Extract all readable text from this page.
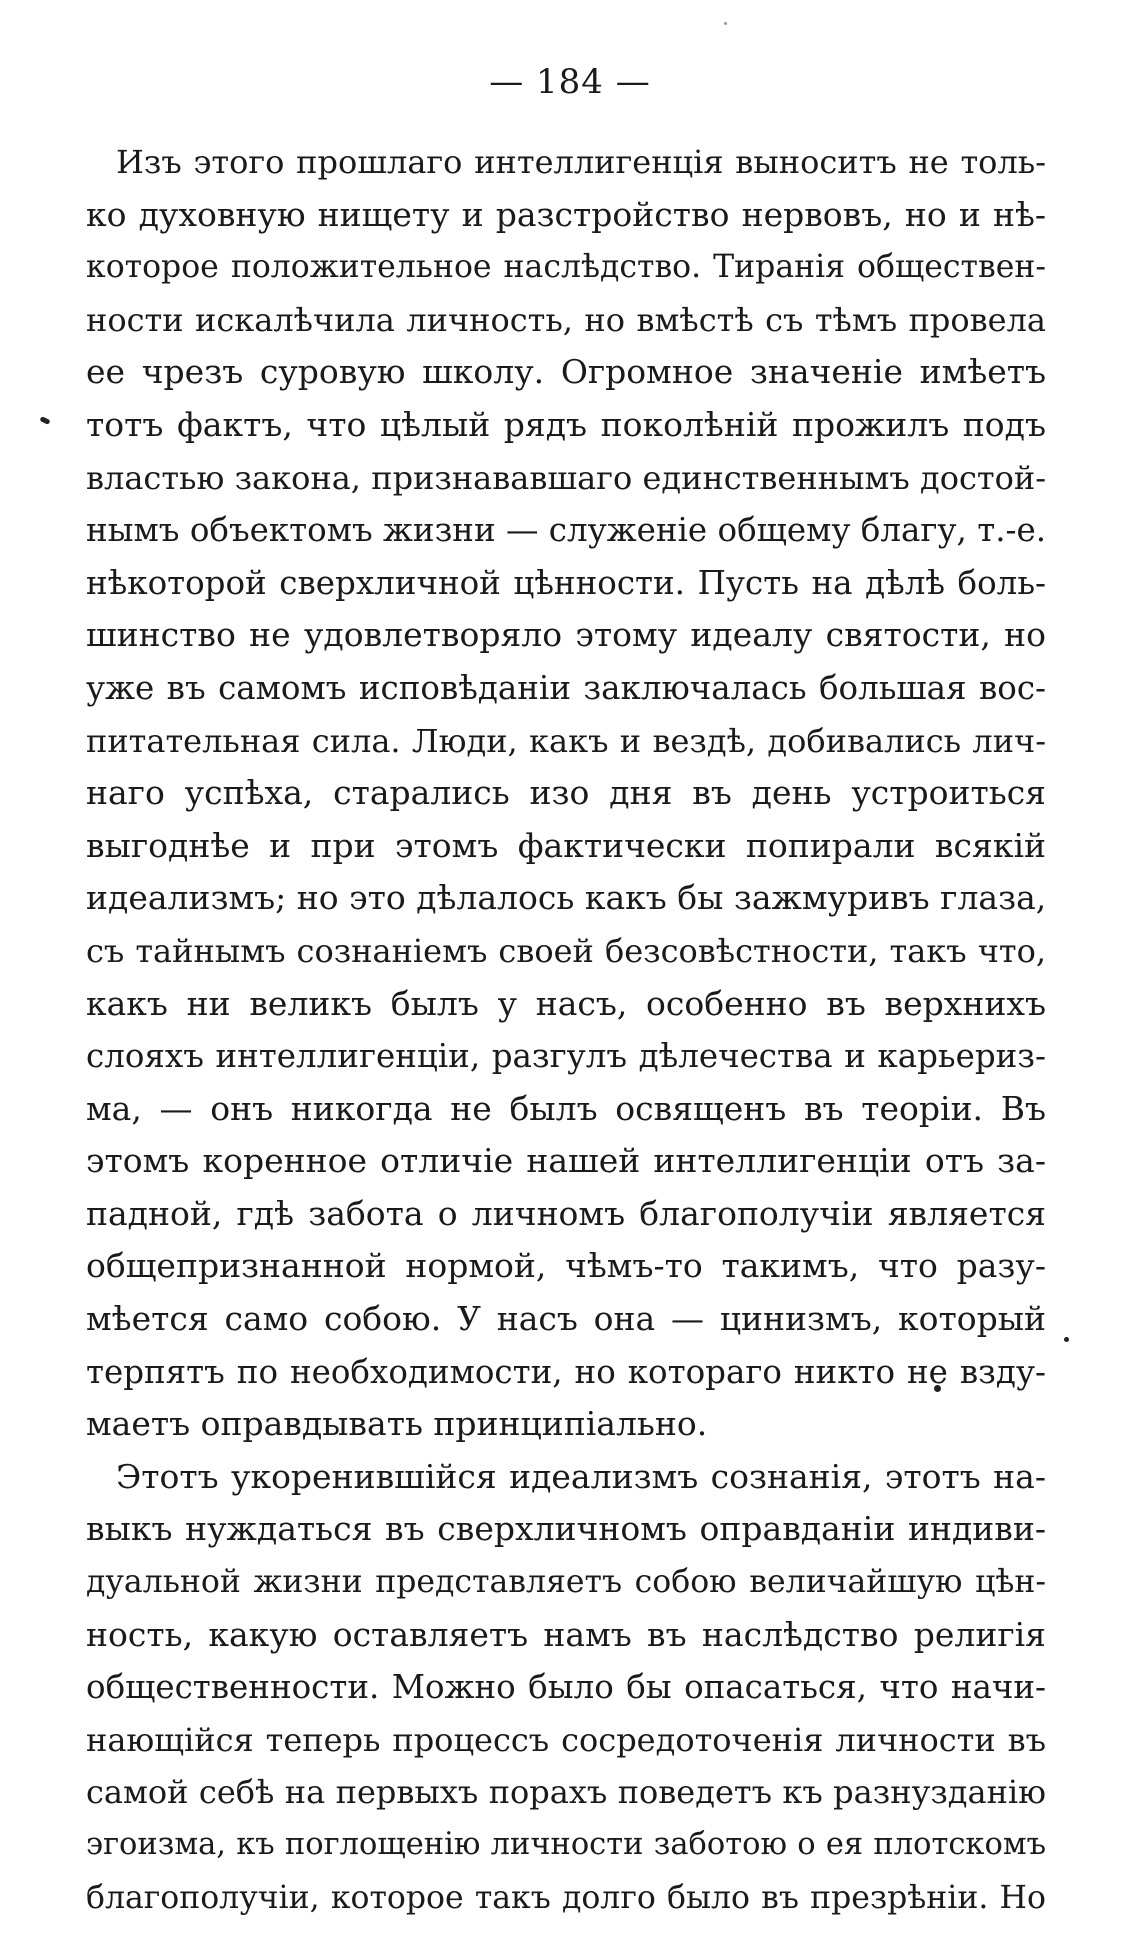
— 184 —
Изъ этого прошлаго интеллигенція выноситъ не толь-
ко духовную нищету и разстройство нервовъ, но и нѣ-
которое положительное наслѣдство. Тиранія обществен-
ности искалѣчила личность, но вмѣстѣ съ тѣмъ провела
ее чрезъ суровую школу. Огромное значеніе имѣетъ
тотъ фактъ, что цѣлый рядъ поколѣній прожилъ подъ
властью закона, признававшаго единственнымъ достой-
нымъ объектомъ жизни — служеніе общему благу, т.-е.
нѣкоторой сверхличной цѣнности. Пусть на дѣлѣ боль-
шинство не удовлетворяло этому идеалу святости, но
уже въ самомъ исповѣданіи заключалась большая вос-
питательная сила. Люди, какъ и вездѣ, добивались лич-
наго успѣха, старались изо дня въ день устроиться
выгоднѣе и при этомъ фактически попирали всякій
идеализмъ; но это дѣлалось какъ бы зажмуривъ глаза,
съ тайнымъ сознаніемъ своей безсовѣстности, такъ что,
какъ ни великъ былъ у насъ, особенно въ верхнихъ
слояхъ интеллигенціи, разгулъ дѣлечества и карьериз-
ма, — онъ никогда не былъ освященъ въ теоріи. Въ
этомъ коренное отличіе нашей интеллигенціи отъ за-
падной, гдѣ забота о личномъ благополучіи является
общепризнанной нормой, чѣмъ-то такимъ, что разу-
мѣется само собою. У насъ она — цинизмъ, который
терпятъ по необходимости, но котораго никто не взду-
маетъ оправдывать принципіально.
Этотъ укоренившійся идеализмъ сознанія, этотъ на-
выкъ нуждаться въ сверхличномъ оправданіи индиви-
дуальной жизни представляетъ собою величайшую цѣн-
ность, какую оставляетъ намъ въ наслѣдство религія
общественности. Можно было бы опасаться, что начи-
нающійся теперь процессъ сосредоточенія личности въ
самой себѣ на первыхъ порахъ поведетъ къ разнузданію
эгоизма, къ поглощенію личности заботою о ея плотскомъ
благополучіи, которое такъ долго было въ презрѣніи. Но
